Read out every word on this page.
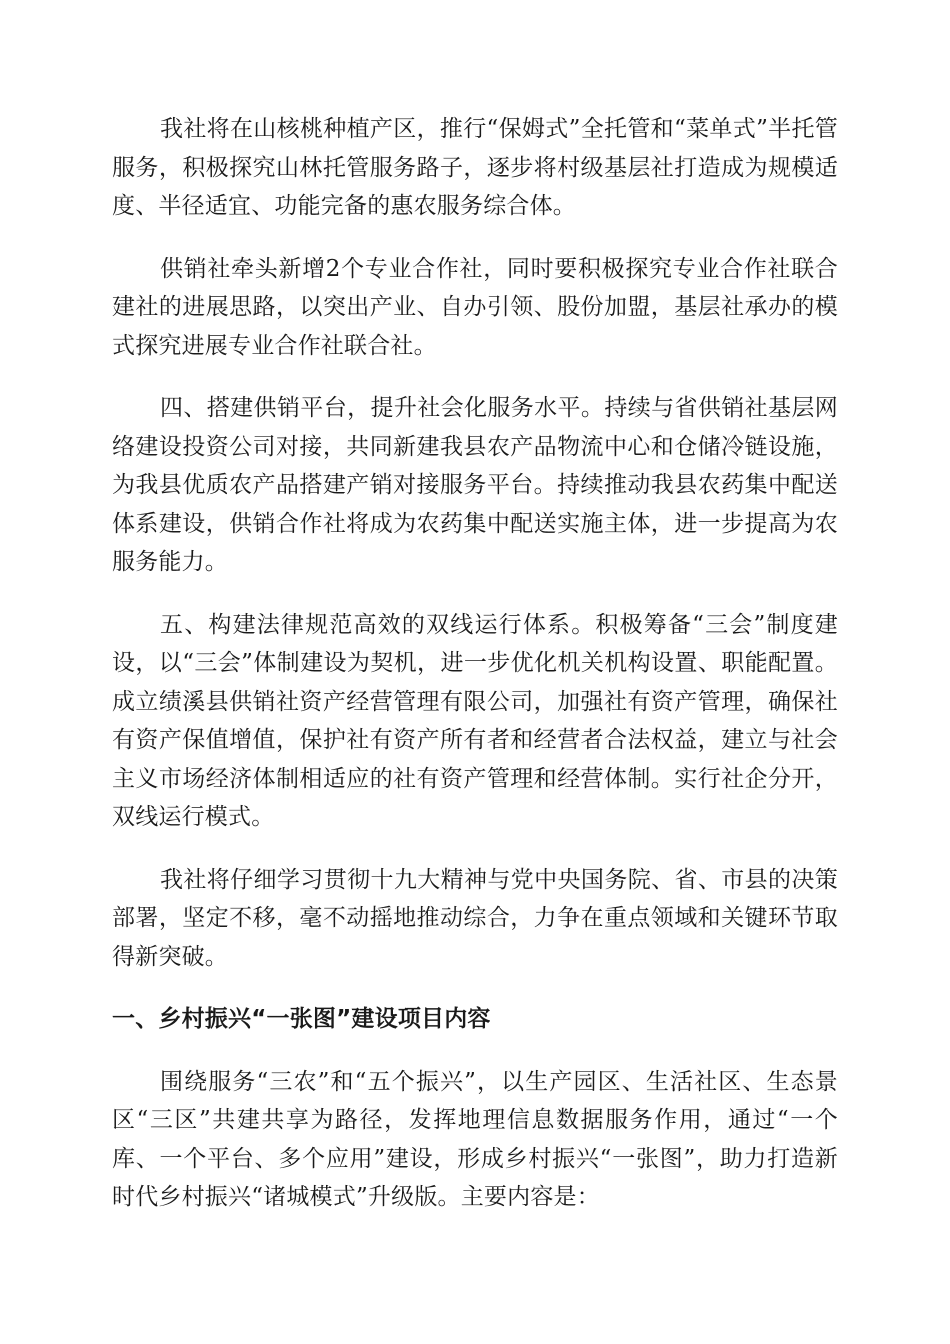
我社将在山核桃种植产区，推行“保姆式”全托管和“菜单式”半托管服务，积极探究山林托管服务路子，逐步将村级基层社打造成为规模适度、半径适宜、功能完备的惠农服务综合体。

供销社牵头新增2个专业合作社，同时要积极探究专业合作社联合建社的进展思路，以突出产业、自办引领、股份加盟，基层社承办的模式探究进展专业合作社联合社。

四、搭建供销平台，提升社会化服务水平。持续与省供销社基层网络建设投资公司对接，共同新建我县农产品物流中心和仓储冷链设施，为我县优质农产品搭建产销对接服务平台。持续推动我县农药集中配送体系建设，供销合作社将成为农药集中配送实施主体，进一步提高为农服务能力。

五、构建法律规范高效的双线运行体系。积极筹备“三会”制度建设，以“三会”体制建设为契机，进一步优化机关机构设置、职能配置。成立绩溪县供销社资产经营管理有限公司，加强社有资产管理，确保社有资产保值增值，保护社有资产所有者和经营者合法权益，建立与社会主义市场经济体制相适应的社有资产管理和经营体制。实行社企分开，双线运行模式。

我社将仔细学习贯彻十九大精神与党中央国务院、省、市县的决策部署，坚定不移，毫不动摇地推动综合，力争在重点领域和关键环节取得新突破。

一、乡村振兴“一张图”建设项目内容

围绕服务“三农”和“五个振兴”，以生产园区、生活社区、生态景区“三区”共建共享为路径，发挥地理信息数据服务作用，通过“一个库、一个平台、多个应用”建设，形成乡村振兴“一张图”，助力打造新时代乡村振兴“诸城模式”升级版。主要内容是：
